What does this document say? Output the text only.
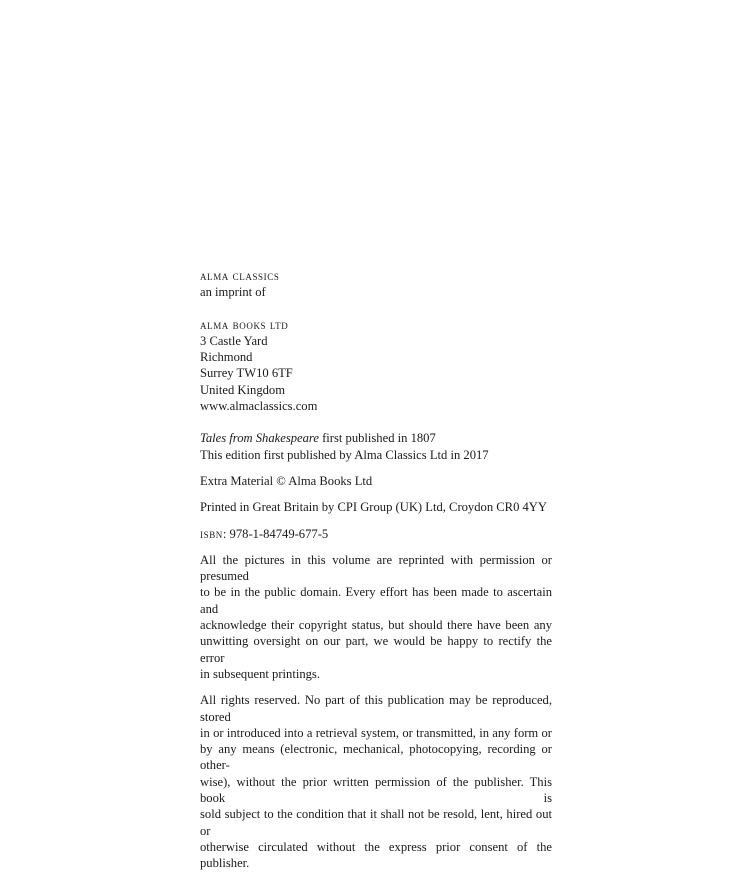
alma classics
an imprint of
alma books ltd
3 Castle Yard
Richmond
Surrey TW10 6TF
United Kingdom
www.almaclassics.com
Tales from Shakespeare first published in 1807
This edition first published by Alma Classics Ltd in 2017
Extra Material © Alma Books Ltd
Printed in Great Britain by CPI Group (UK) Ltd, Croydon CR0 4YY
isbn: 978-1-84749-677-5
All the pictures in this volume are reprinted with permission or presumed
to be in the public domain. Every effort has been made to ascertain and
acknowledge their copyright status, but should there have been any
unwitting oversight on our part, we would be happy to rectify the error
in subsequent printings.
All rights reserved. No part of this publication may be reproduced, stored
in or introduced into a retrieval system, or transmitted, in any form or
by any means (electronic, mechanical, photocopying, recording or other-
wise), without the prior written permission of the publisher. This book is
sold subject to the condition that it shall not be resold, lent, hired out or
otherwise circulated without the express prior consent of the publisher.
